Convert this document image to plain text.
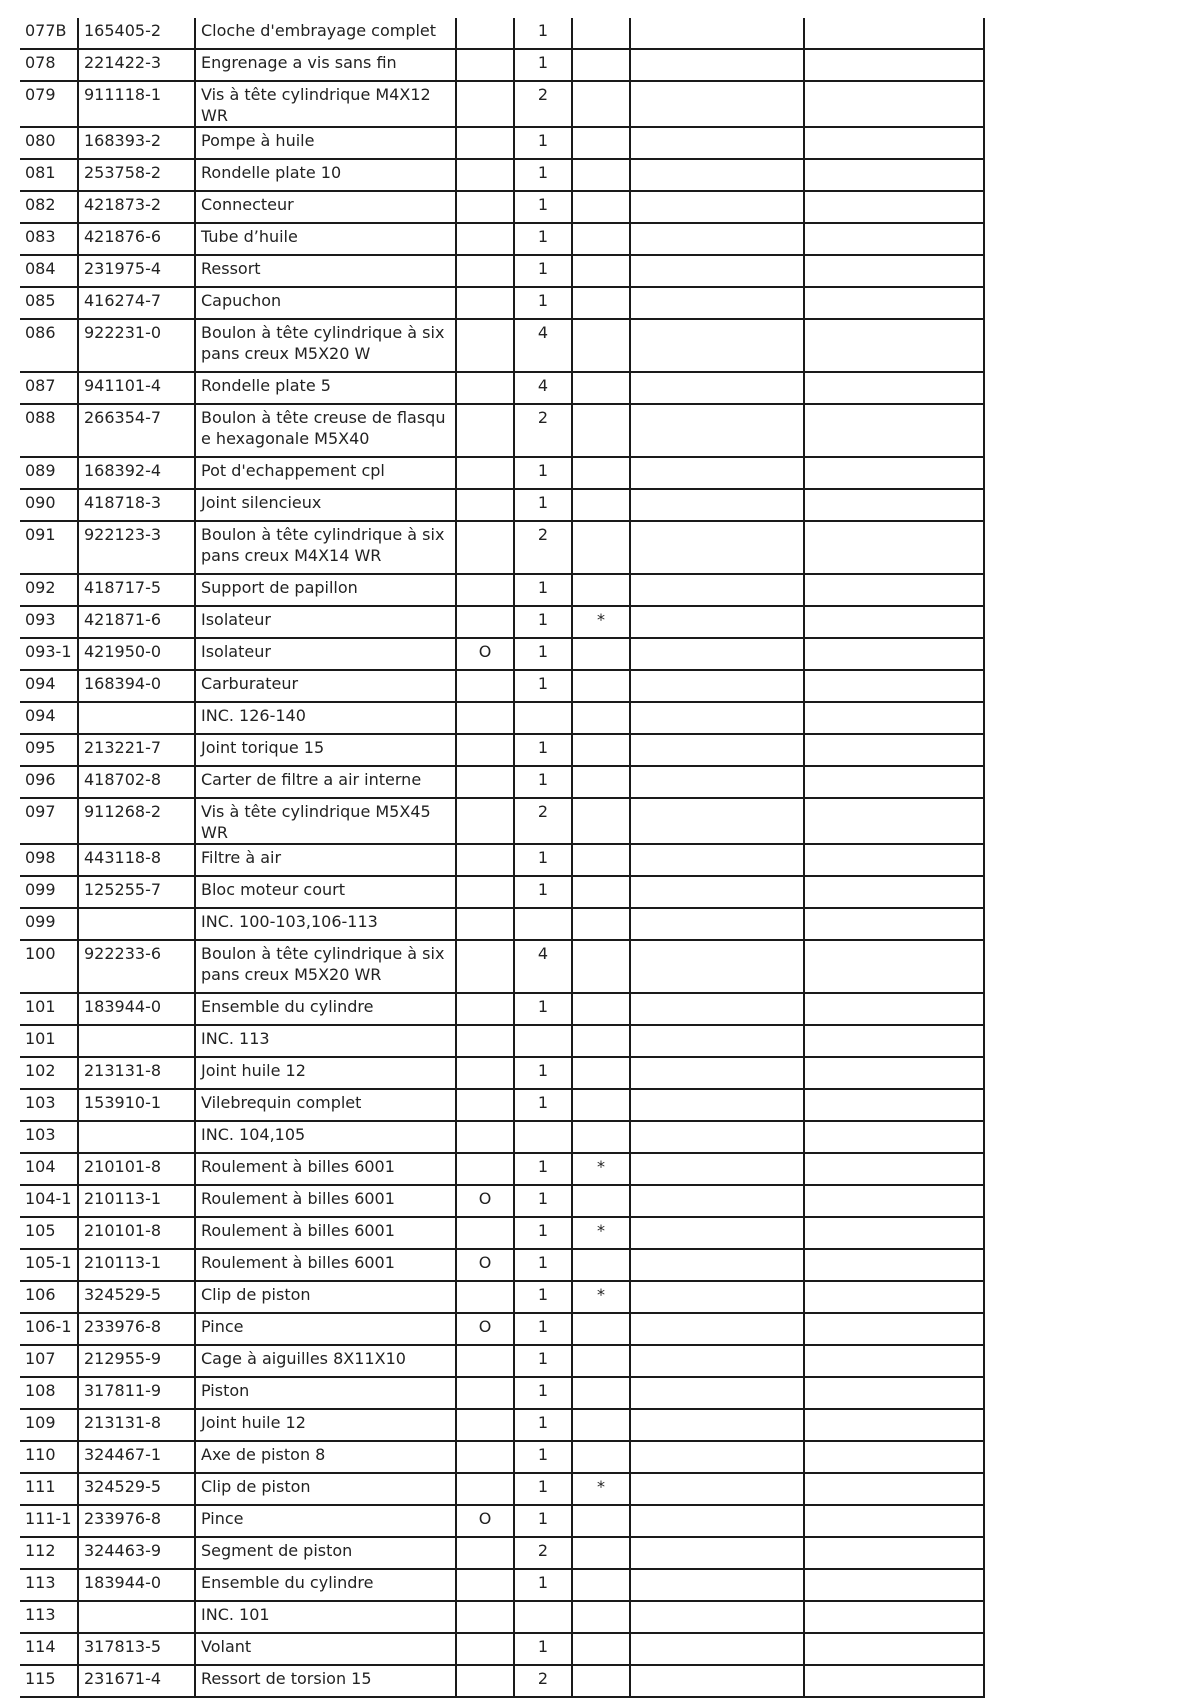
077B	165405-2	Cloche d'embrayage complet		1			
078	221422-3	Engrenage a vis sans fin		1			
079	911118-1	Vis à tête cylindrique M4X12 WR		2			
080	168393-2	Pompe à huile		1			
081	253758-2	Rondelle plate 10		1			
082	421873-2	Connecteur		1			
083	421876-6	Tube d’huile		1			
084	231975-4	Ressort		1			
085	416274-7	Capuchon		1			
086	922231-0	Boulon à tête cylindrique à six pans creux M5X20 W		4			
087	941101-4	Rondelle plate 5		4			
088	266354-7	Boulon à tête creuse de flasque hexagonale M5X40		2			
089	168392-4	Pot d'echappement cpl		1			
090	418718-3	Joint silencieux		1			
091	922123-3	Boulon à tête cylindrique à six pans creux M4X14 WR		2			
092	418717-5	Support de papillon		1			
093	421871-6	Isolateur		1	*		
093-1	421950-0	Isolateur	O	1			
094	168394-0	Carburateur		1			
094		INC. 126-140					
095	213221-7	Joint torique 15		1			
096	418702-8	Carter de filtre a air interne		1			
097	911268-2	Vis à tête cylindrique M5X45 WR		2			
098	443118-8	Filtre à air		1			
099	125255-7	Bloc moteur court		1			
099		INC. 100-103,106-113					
100	922233-6	Boulon à tête cylindrique à six pans creux M5X20 WR		4			
101	183944-0	Ensemble du cylindre		1			
101		INC. 113					
102	213131-8	Joint huile 12		1			
103	153910-1	Vilebrequin complet		1			
103		INC. 104,105					
104	210101-8	Roulement à billes 6001		1	*		
104-1	210113-1	Roulement à billes 6001	O	1			
105	210101-8	Roulement à billes 6001		1	*		
105-1	210113-1	Roulement à billes 6001	O	1			
106	324529-5	Clip de piston		1	*		
106-1	233976-8	Pince	O	1			
107	212955-9	Cage à aiguilles 8X11X10		1			
108	317811-9	Piston		1			
109	213131-8	Joint huile 12		1			
110	324467-1	Axe de piston 8		1			
111	324529-5	Clip de piston		1	*		
111-1	233976-8	Pince	O	1			
112	324463-9	Segment de piston		2			
113	183944-0	Ensemble du cylindre		1			
113		INC. 101					
114	317813-5	Volant		1			
115	231671-4	Ressort de torsion 15		2			
